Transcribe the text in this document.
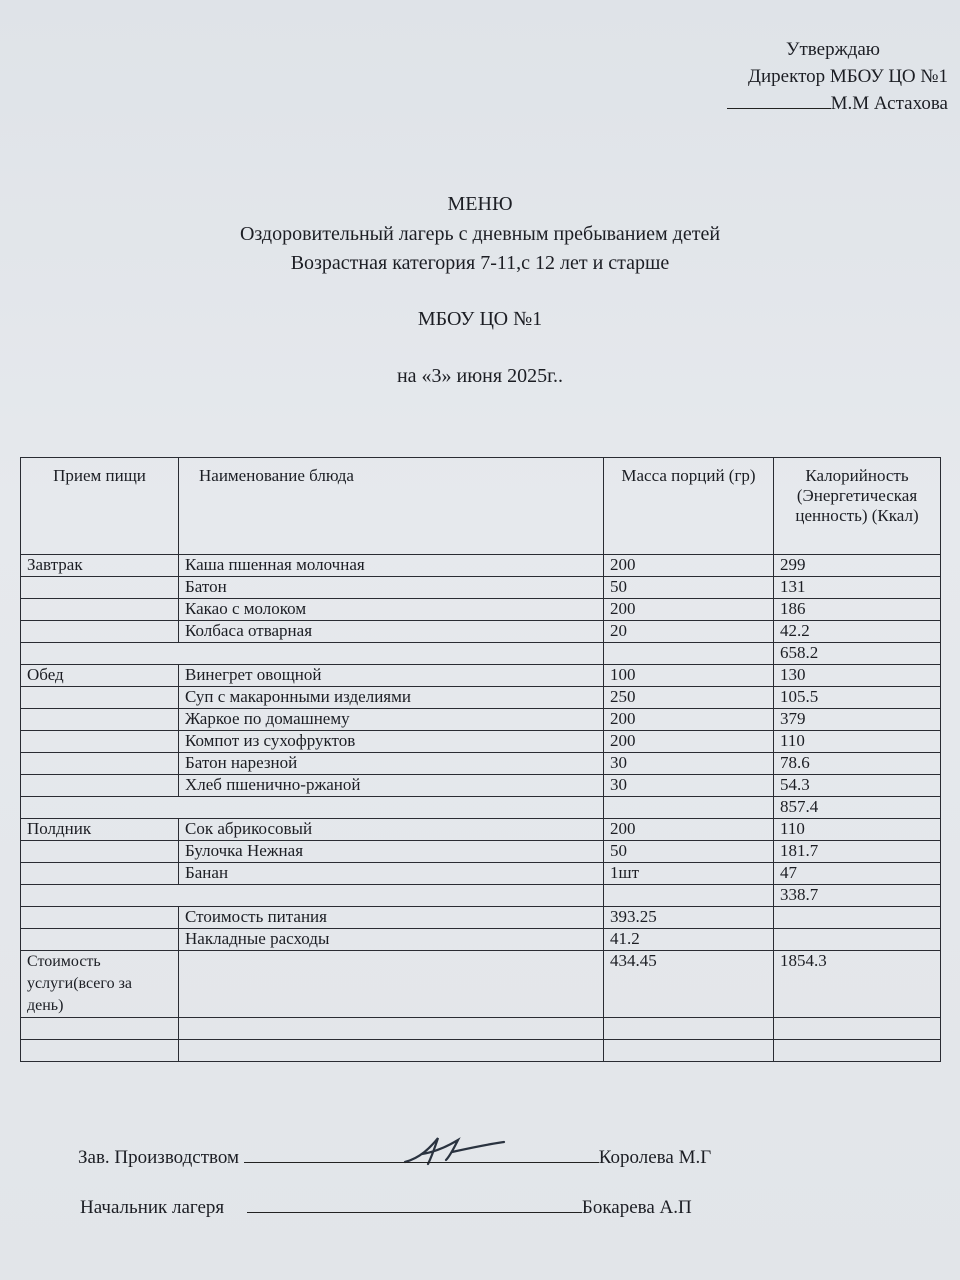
Утверждаю
Директор МБОУ ЦО №1
М.М Астахова
МЕНЮ
Оздоровительный лагерь с дневным пребыванием детей
Возрастная категория 7-11,с 12 лет и старше
МБОУ ЦО №1
на «3» июня 2025г..
Прием пищи	Наименование блюда	Масса порций (гр)	Калорийность (Энергетическая ценность) (Ккал)
Завтрак	Каша пшенная молочная	200	299
	Батон	50	131
	Какао с молоком	200	186
	Колбаса отварная	20	42.2
			658.2
Обед	Винегрет овощной	100	130
	Суп с макаронными изделиями	250	105.5
	Жаркое по домашнему	200	379
	Компот из сухофруктов	200	110
	Батон нарезной	30	78.6
	Хлеб пшенично-ржаной	30	54.3
			857.4
Полдник	Сок абрикосовый	200	110
	Булочка Нежная	50	181.7
	Банан	1шт	47
			338.7
	Стоимость питания	393.25	
	Накладные расходы	41.2	
Стоимость услуги(всего за день)		434.45	1854.3

Зав. Производством	Королева М.Г
Начальник лагеря	Бокарева А.П
